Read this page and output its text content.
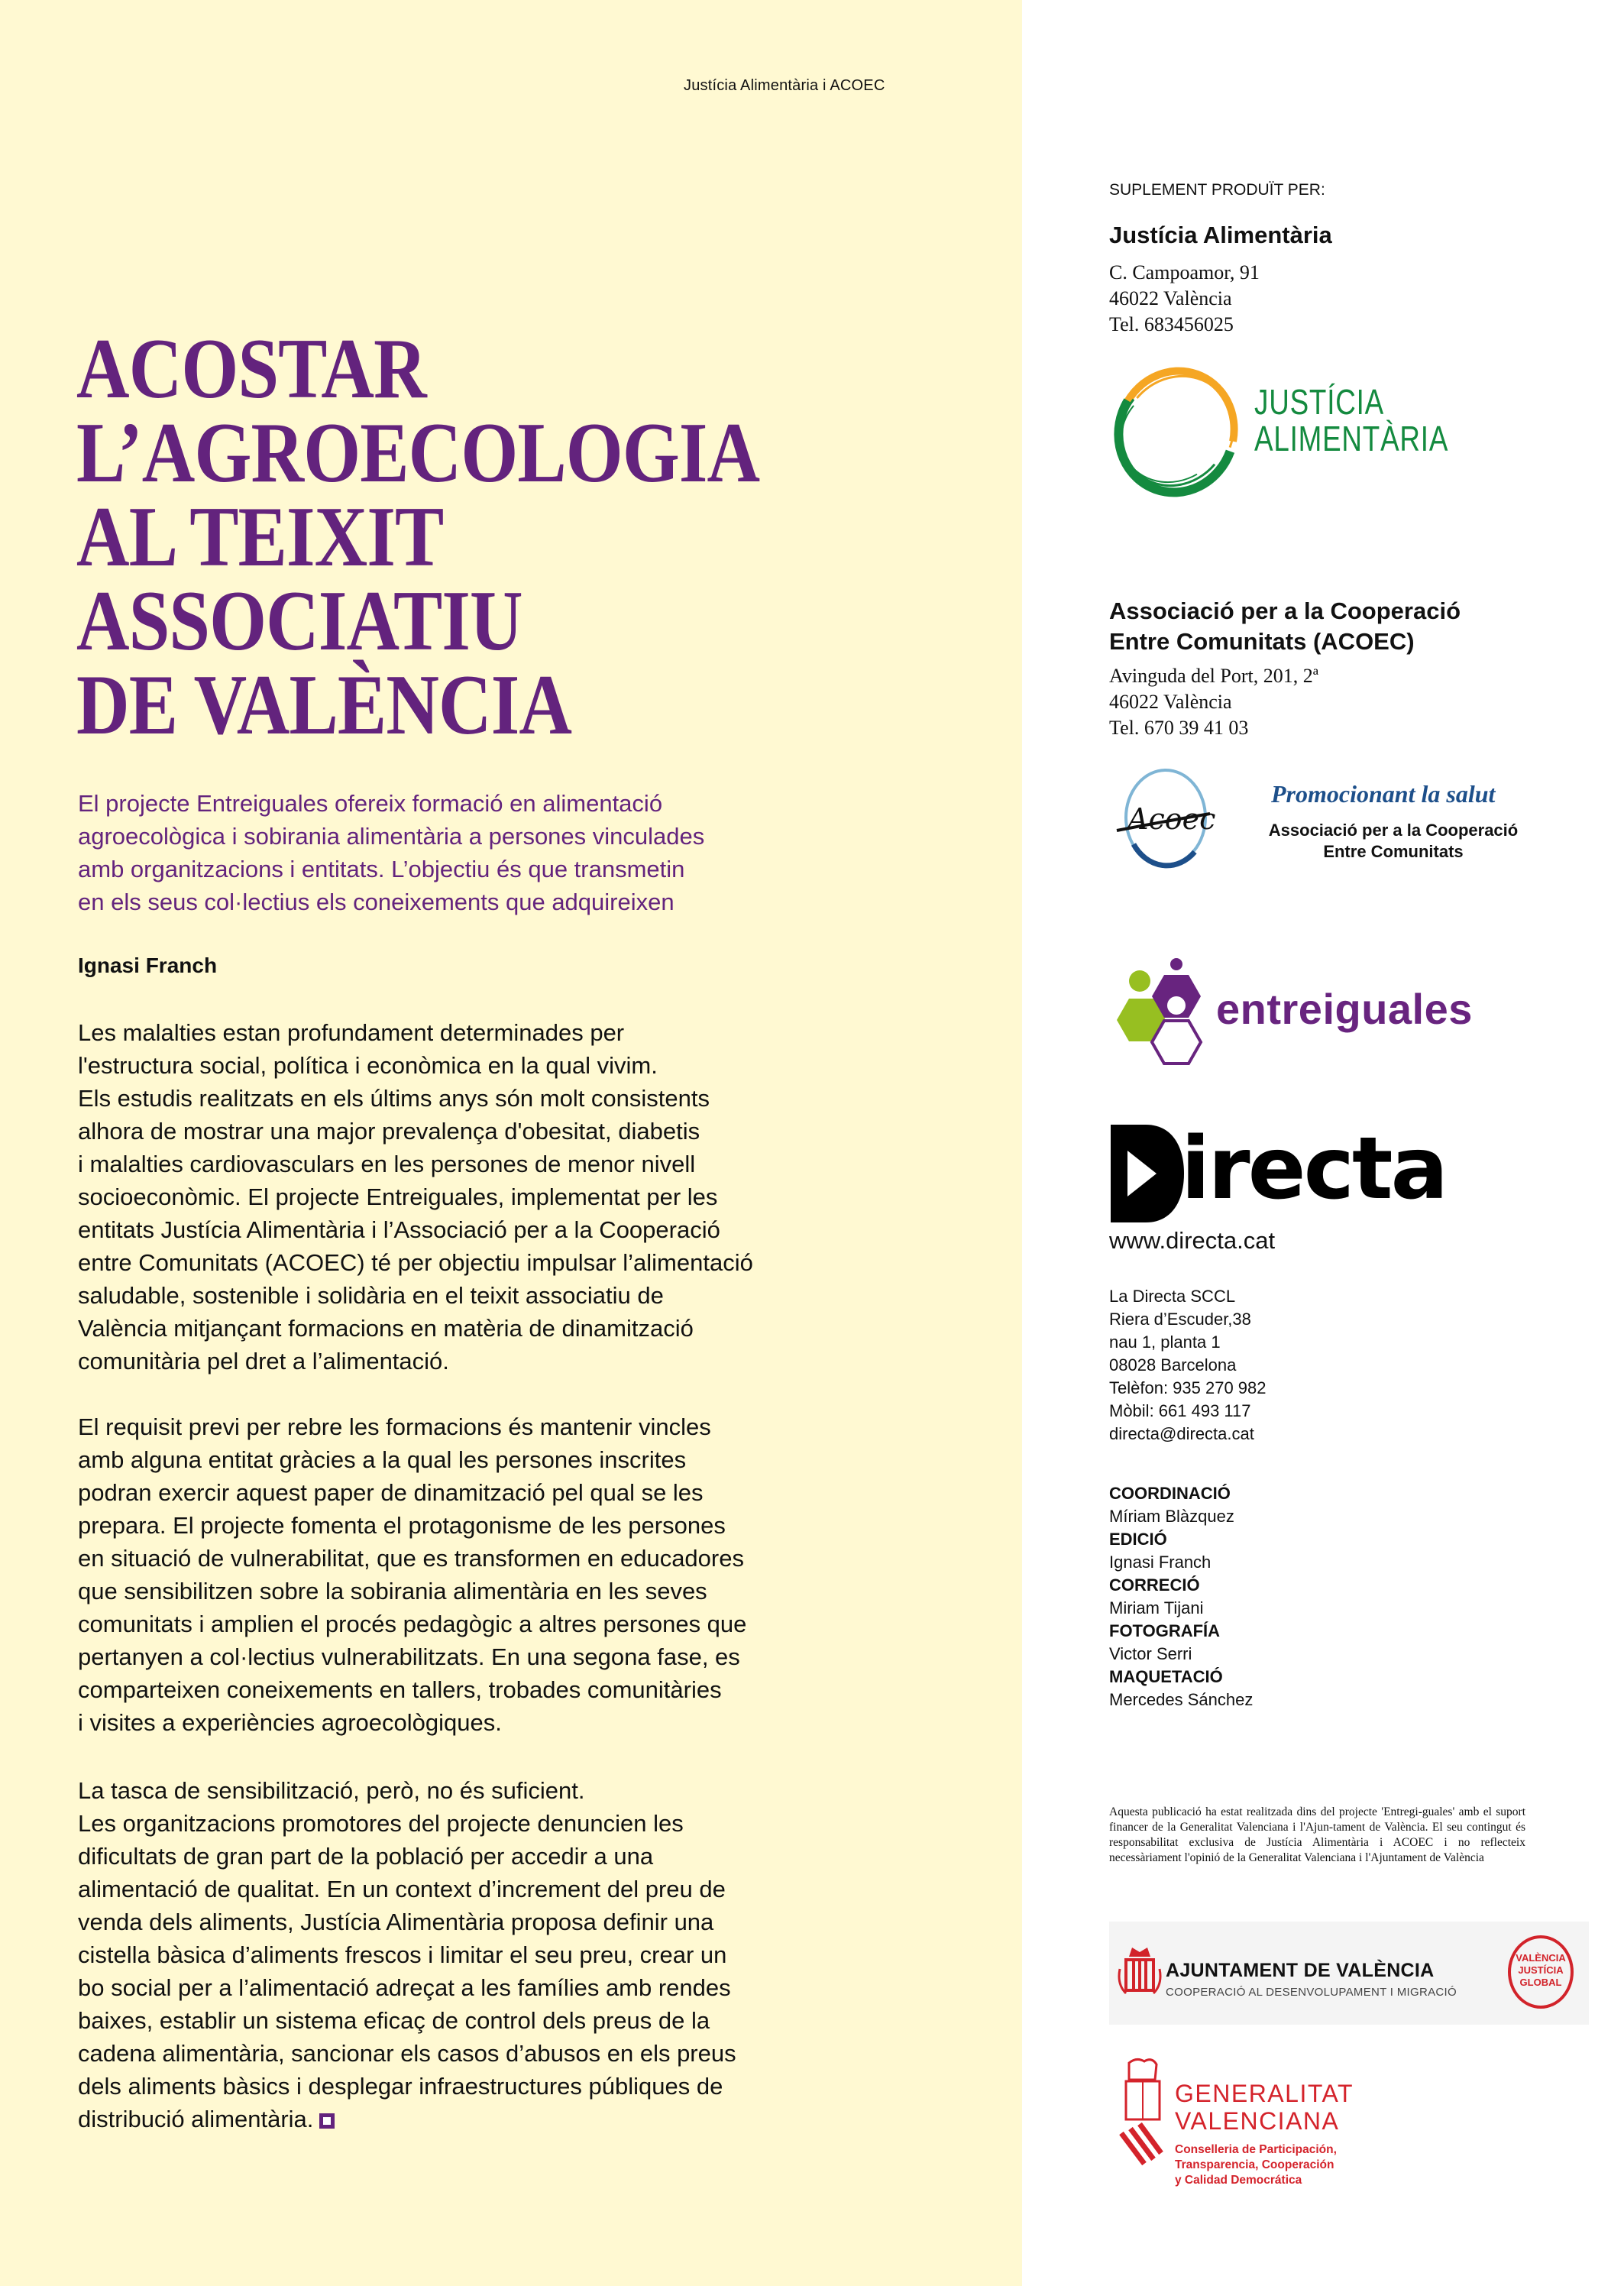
Justícia Alimentària i ACOEC
ACOSTAR
L’AGROECOLOGIA
AL TEIXIT
ASSOCIATIU
DE VALÈNCIA
El projecte Entreiguales ofereix formació en alimentació
agroecològica i sobirania alimentària a persones vinculades
amb organitzacions i entitats. L’objectiu és que transmetin
en els seus col·lectius els coneixements que adquireixen
Ignasi Franch
Les malalties estan profundament determinades per
l'estructura social, política i econòmica en la qual vivim.
Els estudis realitzats en els últims anys són molt consistents
alhora de mostrar una major prevalença d'obesitat, diabetis
i malalties cardiovasculars en les persones de menor nivell
socioeconòmic. El projecte Entreiguales, implementat per les
entitats Justícia Alimentària i l’Associació per a la Cooperació
entre Comunitats (ACOEC) té per objectiu impulsar l’alimentació
saludable, sostenible i solidària en el teixit associatiu de
València mitjançant formacions en matèria de dinamització
comunitària pel dret a l’alimentació.
El requisit previ per rebre les formacions és mantenir vincles
amb alguna entitat gràcies a la qual les persones inscrites
podran exercir aquest paper de dinamització pel qual se les
prepara. El projecte fomenta el protagonisme de les persones
en situació de vulnerabilitat, que es transformen en educadores
que sensibilitzen sobre la sobirania alimentària en les seves
comunitats i amplien el procés pedagògic a altres persones que
pertanyen a col·lectius vulnerabilitzats. En una segona fase, es
comparteixen coneixements en tallers, trobades comunitàries
i visites a experiències agroecològiques.
La tasca de sensibilització, però, no és suficient.
Les organitzacions promotores del projecte denuncien les
dificultats de gran part de la població per accedir a una
alimentació de qualitat. En un context d’increment del preu de
venda dels aliments, Justícia Alimentària proposa definir una
cistella bàsica d’aliments frescos i limitar el seu preu, crear un
bo social per a l’alimentació adreçat a les famílies amb rendes
baixes, establir un sistema eficaç de control dels preus de la
cadena alimentària, sancionar els casos d’abusos en els preus
dels aliments bàsics i desplegar infraestructures públiques de
distribució alimentària.
SUPLEMENT PRODUÏT PER:
Justícia Alimentària
C. Campoamor, 91
46022 València
Tel. 683456025
JUSTÍCIA
ALIMENTÀRIA
Associació per a la Cooperació
Entre Comunitats (ACOEC)
Avinguda del Port, 201, 2ª
46022 València
Tel. 670 39 41 03
Acoec
Promocionant la salut
Associació per a la Cooperació
Entre Comunitats
entreiguales
irecta
www.directa.cat
La Directa SCCL
Riera d’Escuder,38
nau 1, planta 1
08028 Barcelona
Telèfon: 935 270 982
Mòbil: 661 493 117
directa@directa.cat
COORDINACIÓ
Míriam Blàzquez
EDICIÓ
Ignasi Franch
CORRECIÓ
Miriam Tijani
FOTOGRAFÍA
Victor Serri
MAQUETACIÓ
Mercedes Sánchez
Aquesta publicació ha estat realitzada dins del projecte 'Entregi-guales' amb el suport financer de la Generalitat Valenciana i l'Ajun-tament de València. El seu contingut és responsabilitat exclusiva de Justícia Alimentària i ACOEC i no reflecteix necessàriament l'opinió de la Generalitat Valenciana i l'Ajuntament de València
AJUNTAMENT DE VALÈNCIA
COOPERACIÓ AL DESENVOLUPAMENT I MIGRACIÓ
VALÈNCIA
JUSTÍCIA
GLOBAL
GENERALITAT
VALENCIANA
Conselleria de Participación,
Transparencia, Cooperación
y Calidad Democrática
